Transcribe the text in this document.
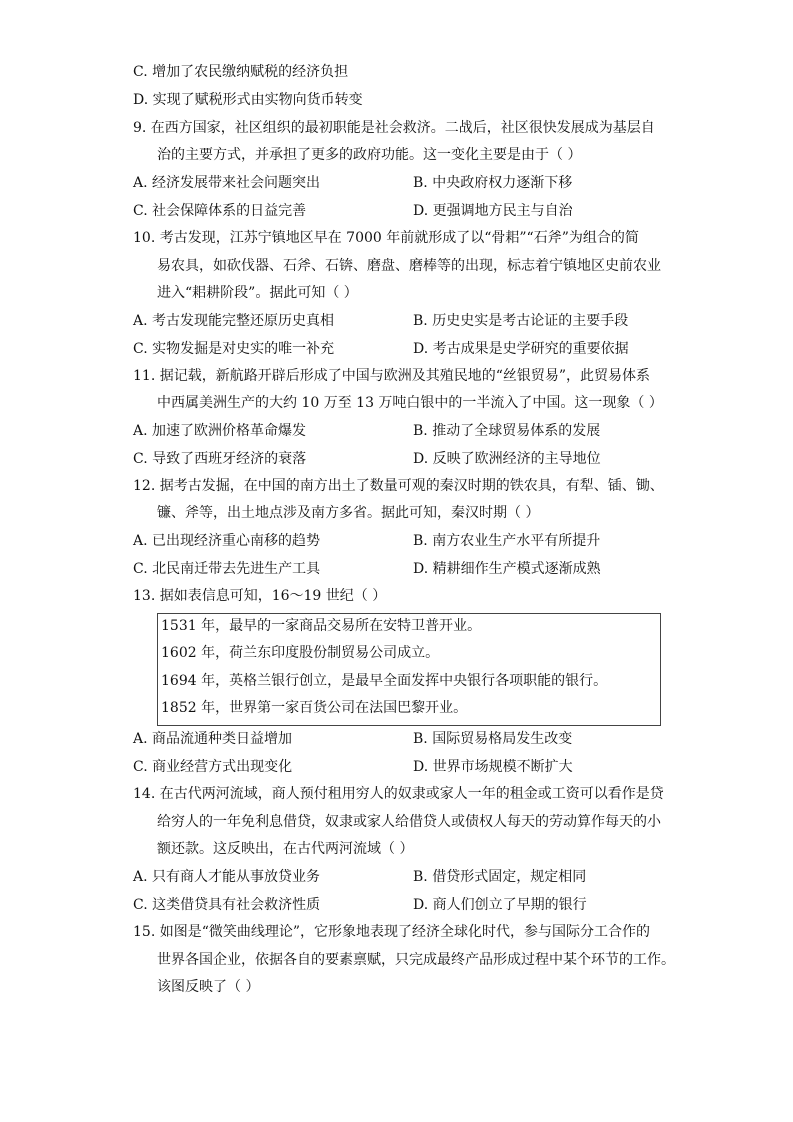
C. 增加了农民缴纳赋税的经济负担
D. 实现了赋税形式由实物向货币转变
9. 在西方国家，社区组织的最初职能是社会救济。二战后，社区很快发展成为基层自
治的主要方式，并承担了更多的政府功能。这一变化主要是由于（ ）
A. 经济发展带来社会问题突出	B. 中央政府权力逐渐下移
C. 社会保障体系的日益完善	D. 更强调地方民主与自治
10. 考古发现，江苏宁镇地区早在 7000 年前就形成了以“骨耜”“石斧”为组合的简
易农具，如砍伐器、石斧、石锛、磨盘、磨棒等的出现，标志着宁镇地区史前农业
进入“耜耕阶段”。据此可知（ ）
A. 考古发现能完整还原历史真相	B. 历史史实是考古论证的主要手段
C. 实物发掘是对史实的唯一补充	D. 考古成果是史学研究的重要依据
11. 据记载，新航路开辟后形成了中国与欧洲及其殖民地的“丝银贸易”，此贸易体系
中西属美洲生产的大约 10 万至 13 万吨白银中的一半流入了中国。这一现象（ ）
A. 加速了欧洲价格革命爆发	B. 推动了全球贸易体系的发展
C. 导致了西班牙经济的衰落	D. 反映了欧洲经济的主导地位
12. 据考古发掘，在中国的南方出土了数量可观的秦汉时期的铁农具，有犁、锸、锄、
镰、斧等，出土地点涉及南方多省。据此可知，秦汉时期（ ）
A. 已出现经济重心南移的趋势	B. 南方农业生产水平有所提升
C. 北民南迁带去先进生产工具	D. 精耕细作生产模式逐渐成熟
13. 据如表信息可知，16～19 世纪（ ）
1531 年，最早的一家商品交易所在安特卫普开业。
1602 年，荷兰东印度股份制贸易公司成立。
1694 年，英格兰银行创立，是最早全面发挥中央银行各项职能的银行。
1852 年，世界第一家百货公司在法国巴黎开业。
A. 商品流通种类日益增加	B. 国际贸易格局发生改变
C. 商业经营方式出现变化	D. 世界市场规模不断扩大
14. 在古代两河流域，商人预付租用穷人的奴隶或家人一年的租金或工资可以看作是贷
给穷人的一年免利息借贷，奴隶或家人给借贷人或债权人每天的劳动算作每天的小
额还款。这反映出，在古代两河流域（ ）
A. 只有商人才能从事放贷业务	B. 借贷形式固定，规定相同
C. 这类借贷具有社会救济性质	D. 商人们创立了早期的银行
15. 如图是“微笑曲线理论”，它形象地表现了经济全球化时代，参与国际分工合作的
世界各国企业，依据各自的要素禀赋，只完成最终产品形成过程中某个环节的工作。
该图反映了（ ）
